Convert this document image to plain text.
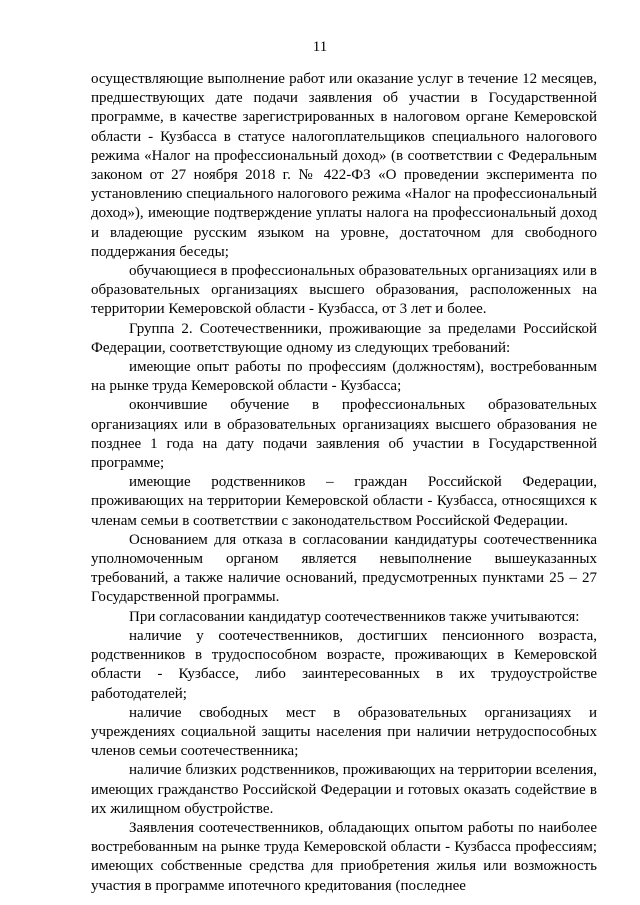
11

осуществляющие выполнение работ или оказание услуг в течение 12 месяцев, предшествующих дате подачи заявления об участии в Государственной программе, в качестве зарегистрированных в налоговом органе Кемеровской области - Кузбасса в статусе налогоплательщиков специального налогового режима «Налог на профессиональный доход» (в соответствии с Федеральным законом от 27 ноября 2018 г. № 422-ФЗ «О проведении эксперимента по установлению специального налогового режима «Налог на профессиональный доход»), имеющие подтверждение уплаты налога на профессиональный доход и владеющие русским языком на уровне, достаточном для свободного поддержания беседы;

обучающиеся в профессиональных образовательных организациях или в образовательных организациях высшего образования, расположенных на территории Кемеровской области - Кузбасса, от 3 лет и более.

Группа 2. Соотечественники, проживающие за пределами Российской Федерации, соответствующие одному из следующих требований:

имеющие опыт работы по профессиям (должностям), востребованным на рынке труда Кемеровской области - Кузбасса;

окончившие обучение в профессиональных образовательных организациях или в образовательных организациях высшего образования не позднее 1 года на дату подачи заявления об участии в Государственной программе;

имеющие родственников – граждан Российской Федерации, проживающих на территории Кемеровской области - Кузбасса, относящихся к членам семьи в соответствии с законодательством Российской Федерации.

Основанием для отказа в согласовании кандидатуры соотечественника уполномоченным органом является невыполнение вышеуказанных требований, а также наличие оснований, предусмотренных пунктами 25 – 27 Государственной программы.

При согласовании кандидатур соотечественников также учитываются:

наличие у соотечественников, достигших пенсионного возраста, родственников в трудоспособном возрасте, проживающих в Кемеровской области - Кузбассе, либо заинтересованных в их трудоустройстве работодателей;

наличие свободных мест в образовательных организациях и учреждениях социальной защиты населения при наличии нетрудоспособных членов семьи соотечественника;

наличие близких родственников, проживающих на территории вселения, имеющих гражданство Российской Федерации и готовых оказать содействие в их жилищном обустройстве.

Заявления соотечественников, обладающих опытом работы по наиболее востребованным на рынке труда Кемеровской области - Кузбасса профессиям; имеющих собственные средства для приобретения жилья или возможность участия в программе ипотечного кредитования (последнее
